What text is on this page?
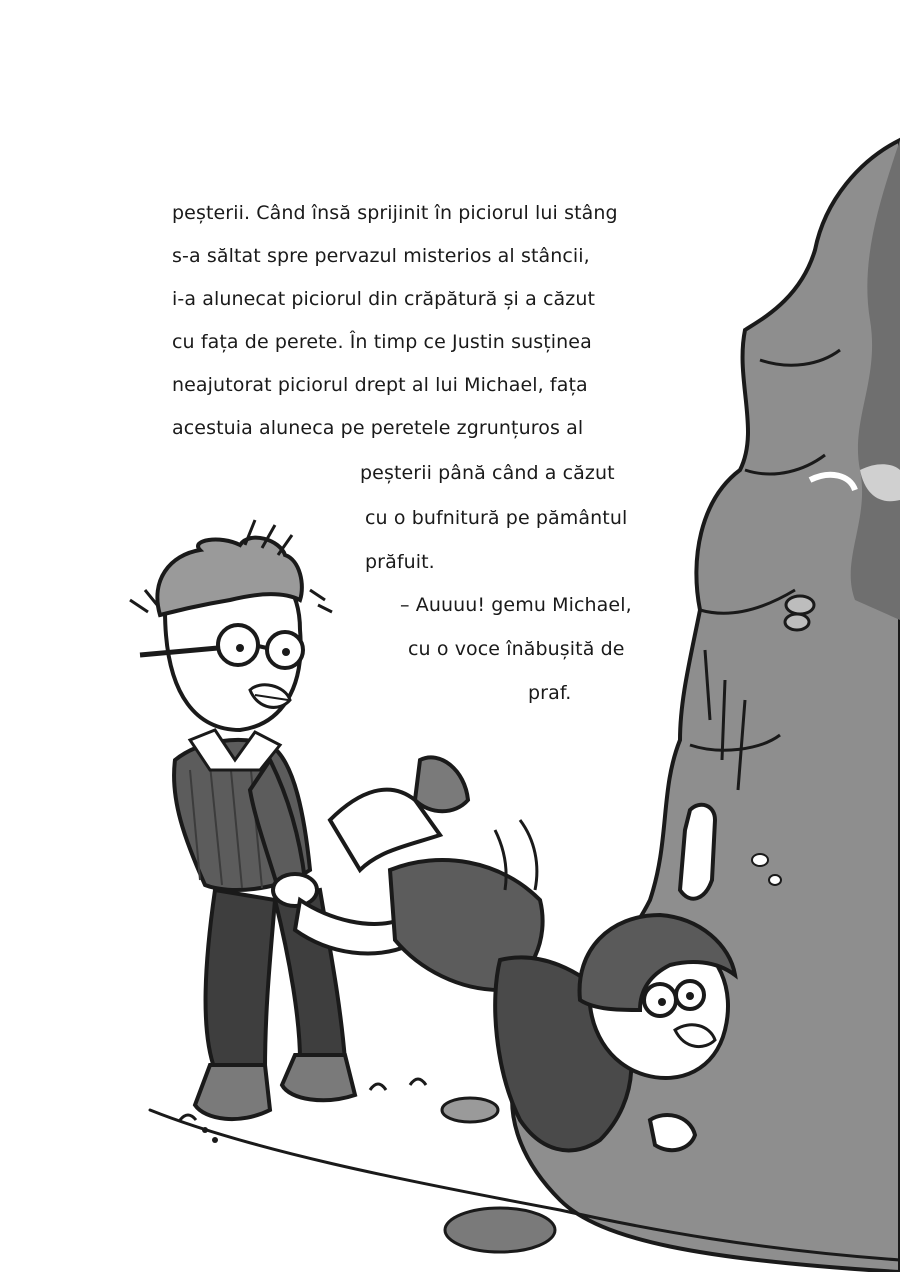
peșterii. Când însă sprijinit în piciorul lui stâng

s-a săltat spre pervazul misterios al stâncii,

i-a alunecat piciorul din crăpătură și a căzut

cu fața de perete. În timp ce Justin susținea

neajutorat piciorul drept al lui Michael, fața

acestuia aluneca pe peretele zgrunțuros al

peșterii până când a căzut

cu o bufnitură pe pământul

prăfuit.

– Auuuu! gemu Michael,

cu o voce înăbușită de

praf.
